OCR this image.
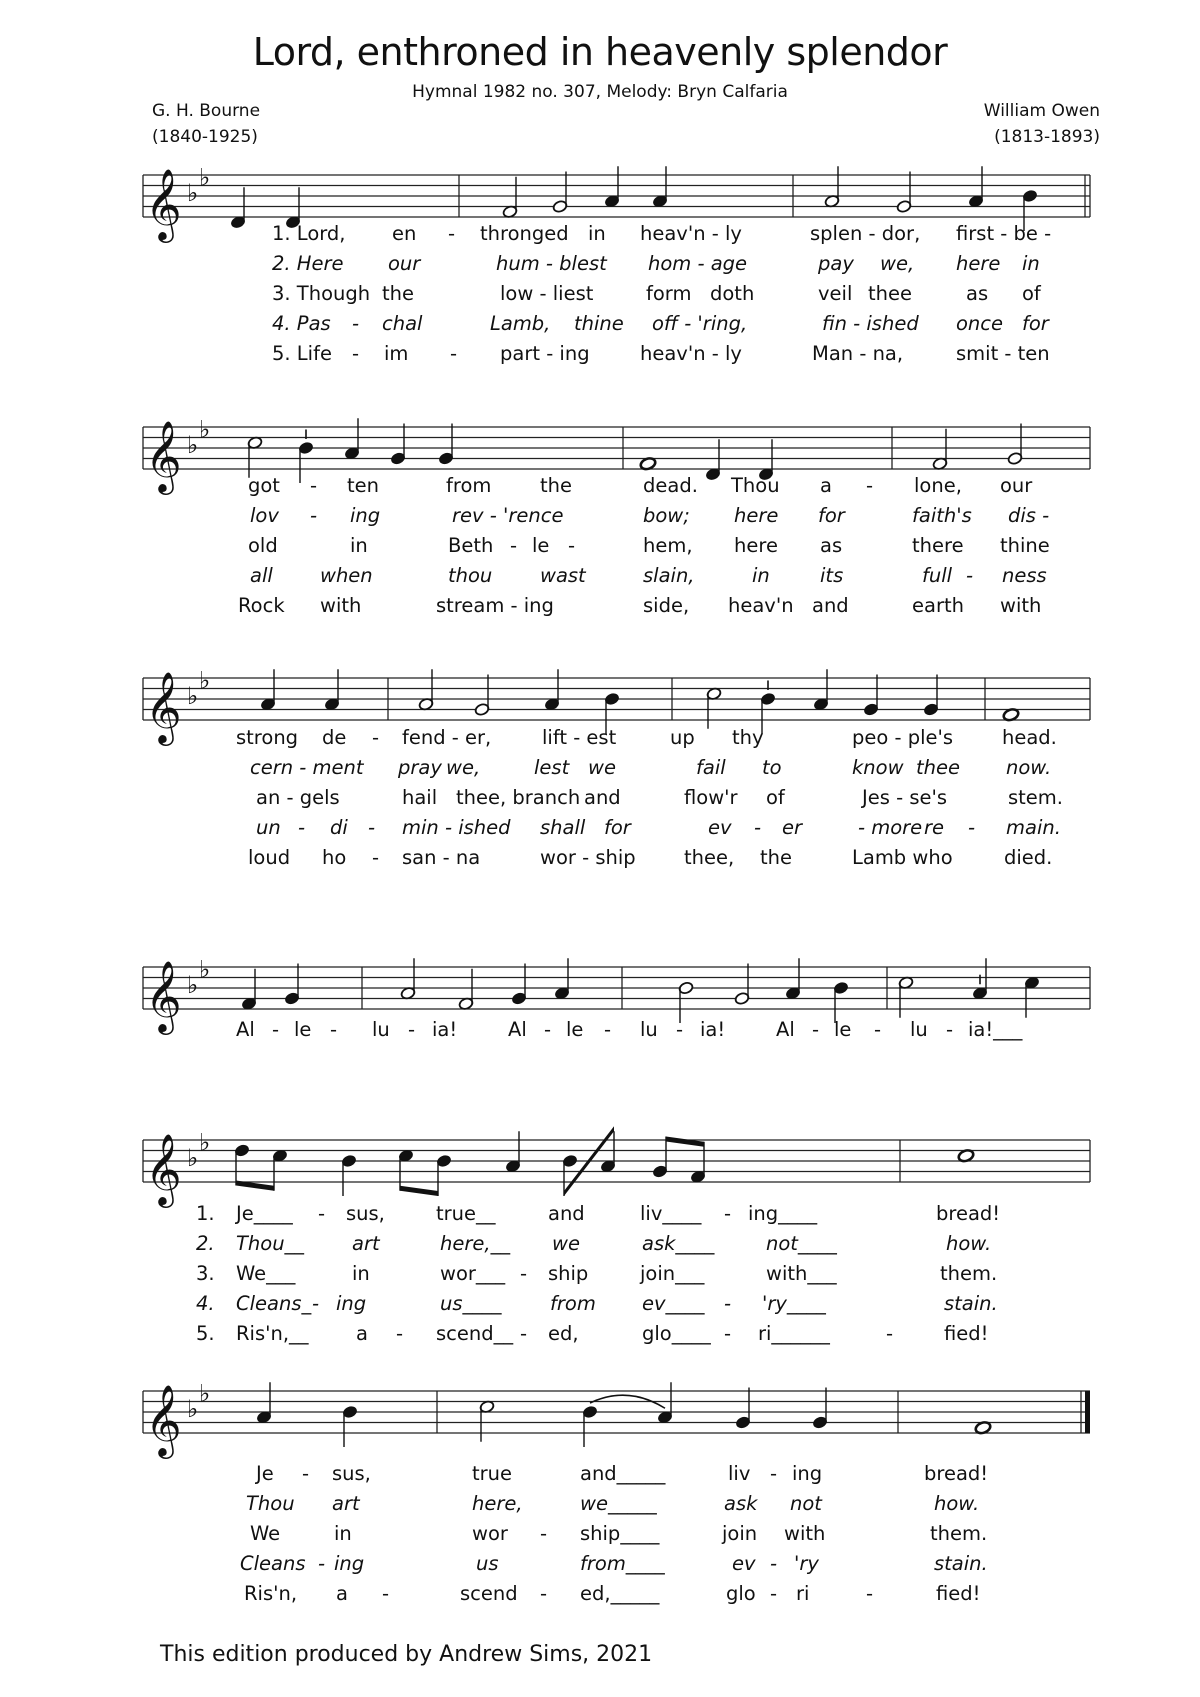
Lord, enthroned in heavenly splendor
Hymnal 1982 no. 307, Melody: Bryn Calfaria
G. H. Bourne
(1840-1925)
William Owen
(1813-1893)
𝄞 ♭
♭
𝄞 ♭
♭
𝄞 ♭
♭
𝄞 ♭
♭
𝄞 ♭
♭
𝄞 ♭
♭
1. Lord, en - thronged in heav'n - ly	splen - dor, first - be -
2. Here our	hum - blest hom - age	pay we, here in
3. Though the	low - liest	form doth	veil thee	as of
4. Pas - chal	Lamb, thine off - 'ring,	fin - ished once for
5. Life - im - part - ing	heav'n - ly	Man - na,	smit - ten
got - ten	from the	dead. Thou a - lone, our
lov - ing	rev - 'rence	bow; here for	faith's dis -
old	in	Beth - le -	hem, here as	there thine
all when	thou wast	slain,	in	its	full - ness
Rock with	stream - ing	side, heav'n and	earth with
strong de - fend - er,	lift - est	up thy	peo - ple's	head.
cern - ment pray we,	lest we	fail to	know thee now.
an - gels	hail thee, branch and	flow'r of	Jes - se's	stem.
un - di - min - ished shall for	ev - er	- more re - main.
loud ho - san - na	wor - ship thee, the	Lamb who	died.
Al - le - lu - ia!	Al - le - lu - ia!	Al - le - lu - ia!___
1. Je____ - sus,	true__	and	liv____ - ing____	bread!
2. Thou__ art	here,__ we	ask____	not____	how.
3. We___	in	wor___ - ship	join___	with___	them.
4. Cleans_ - ing	us____ from ev____ - 'ry____	stain.
5. Ris'n,__ a - scend__ - ed,	glo____ - ri______	-	fied!
Je - sus,	true	and_____	liv - ing	bread!
Thou art	here,	we_____	ask not	how.
We	in	wor - ship____	join with	them.
Cleans - ing	us	from____	ev - 'ry	stain.
Ris'n, a -	scend - ed,_____	glo - ri	-	fied!
This edition produced by Andrew Sims, 2021
